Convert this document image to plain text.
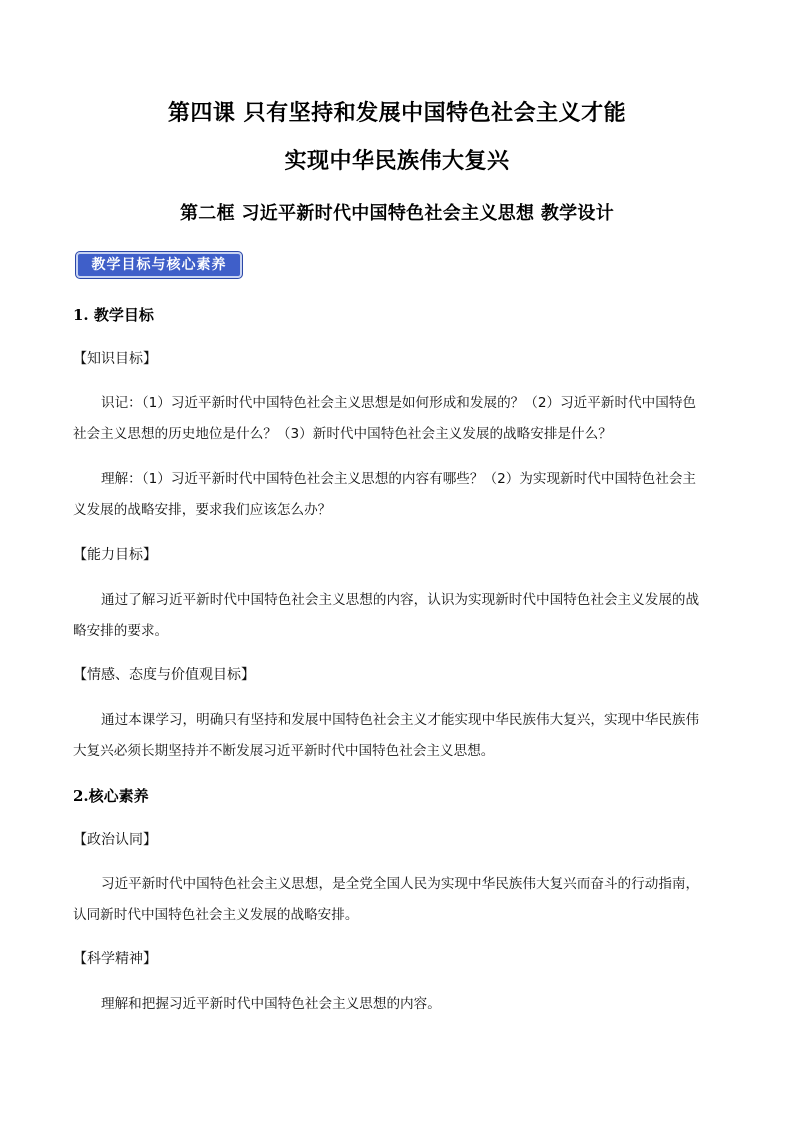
第四课 只有坚持和发展中国特色社会主义才能
实现中华民族伟大复兴
第二框 习近平新时代中国特色社会主义思想 教学设计
教学目标与核心素养
1. 教学目标
【知识目标】
识记：（1）习近平新时代中国特色社会主义思想是如何形成和发展的？（2）习近平新时代中国特色
社会主义思想的历史地位是什么？（3）新时代中国特色社会主义发展的战略安排是什么？
理解：（1）习近平新时代中国特色社会主义思想的内容有哪些？（2）为实现新时代中国特色社会主
义发展的战略安排，要求我们应该怎么办？
【能力目标】
通过了解习近平新时代中国特色社会主义思想的内容，认识为实现新时代中国特色社会主义发展的战
略安排的要求。
【情感、态度与价值观目标】
通过本课学习，明确只有坚持和发展中国特色社会主义才能实现中华民族伟大复兴，实现中华民族伟
大复兴必须长期坚持并不断发展习近平新时代中国特色社会主义思想。
2.核心素养
【政治认同】
习近平新时代中国特色社会主义思想，是全党全国人民为实现中华民族伟大复兴而奋斗的行动指南，
认同新时代中国特色社会主义发展的战略安排。
【科学精神】
理解和把握习近平新时代中国特色社会主义思想的内容。
